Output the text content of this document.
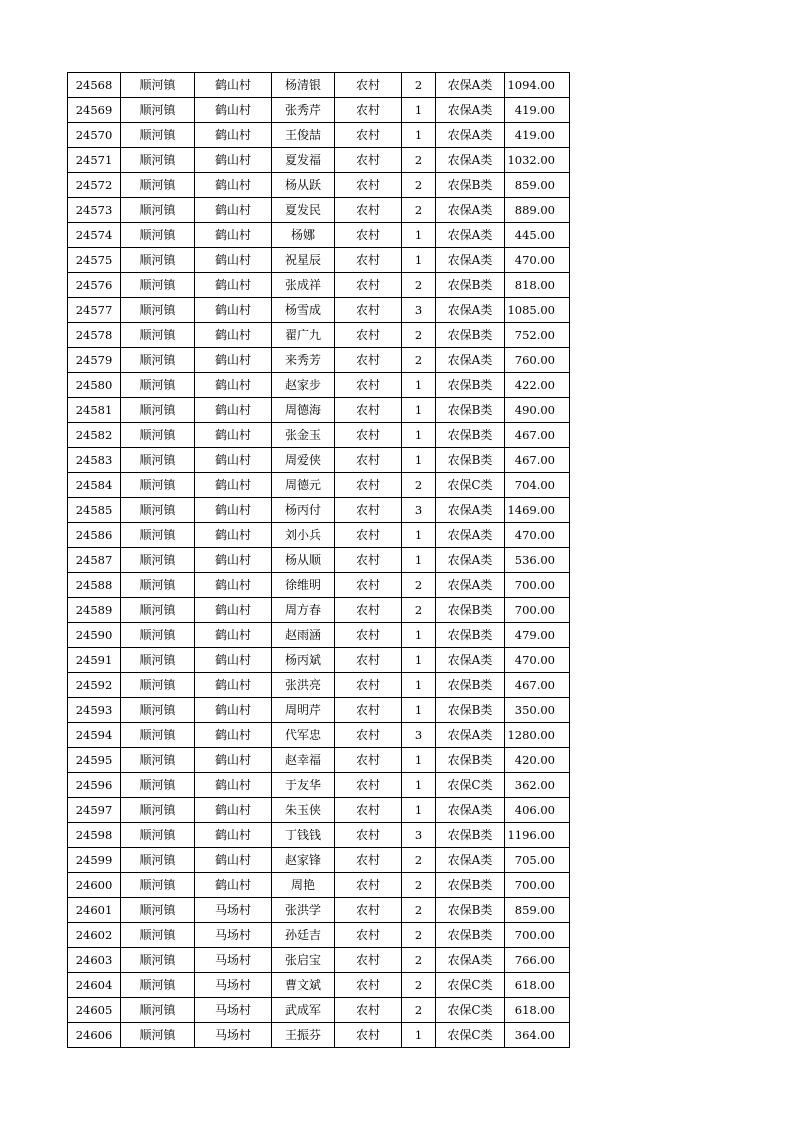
24568	顺河镇	鹤山村	杨清银	农村	2	农保A类	1094.00
24569	顺河镇	鹤山村	张秀芹	农村	1	农保A类	419.00
24570	顺河镇	鹤山村	王俊喆	农村	1	农保A类	419.00
24571	顺河镇	鹤山村	夏发福	农村	2	农保A类	1032.00
24572	顺河镇	鹤山村	杨从跃	农村	2	农保B类	859.00
24573	顺河镇	鹤山村	夏发民	农村	2	农保A类	889.00
24574	顺河镇	鹤山村	杨娜	农村	1	农保A类	445.00
24575	顺河镇	鹤山村	祝星辰	农村	1	农保A类	470.00
24576	顺河镇	鹤山村	张成祥	农村	2	农保B类	818.00
24577	顺河镇	鹤山村	杨雪成	农村	3	农保A类	1085.00
24578	顺河镇	鹤山村	翟广九	农村	2	农保B类	752.00
24579	顺河镇	鹤山村	来秀芳	农村	2	农保A类	760.00
24580	顺河镇	鹤山村	赵家步	农村	1	农保B类	422.00
24581	顺河镇	鹤山村	周德海	农村	1	农保B类	490.00
24582	顺河镇	鹤山村	张金玉	农村	1	农保B类	467.00
24583	顺河镇	鹤山村	周爱侠	农村	1	农保B类	467.00
24584	顺河镇	鹤山村	周德元	农村	2	农保C类	704.00
24585	顺河镇	鹤山村	杨丙付	农村	3	农保A类	1469.00
24586	顺河镇	鹤山村	刘小兵	农村	1	农保A类	470.00
24587	顺河镇	鹤山村	杨从顺	农村	1	农保A类	536.00
24588	顺河镇	鹤山村	徐维明	农村	2	农保A类	700.00
24589	顺河镇	鹤山村	周方春	农村	2	农保B类	700.00
24590	顺河镇	鹤山村	赵雨涵	农村	1	农保B类	479.00
24591	顺河镇	鹤山村	杨丙斌	农村	1	农保A类	470.00
24592	顺河镇	鹤山村	张洪亮	农村	1	农保B类	467.00
24593	顺河镇	鹤山村	周明芹	农村	1	农保B类	350.00
24594	顺河镇	鹤山村	代军忠	农村	3	农保A类	1280.00
24595	顺河镇	鹤山村	赵幸福	农村	1	农保B类	420.00
24596	顺河镇	鹤山村	于友华	农村	1	农保C类	362.00
24597	顺河镇	鹤山村	朱玉侠	农村	1	农保A类	406.00
24598	顺河镇	鹤山村	丁钱钱	农村	3	农保B类	1196.00
24599	顺河镇	鹤山村	赵家锋	农村	2	农保A类	705.00
24600	顺河镇	鹤山村	周艳	农村	2	农保B类	700.00
24601	顺河镇	马场村	张洪学	农村	2	农保B类	859.00
24602	顺河镇	马场村	孙廷吉	农村	2	农保B类	700.00
24603	顺河镇	马场村	张启宝	农村	2	农保A类	766.00
24604	顺河镇	马场村	曹文斌	农村	2	农保C类	618.00
24605	顺河镇	马场村	武成军	农村	2	农保C类	618.00
24606	顺河镇	马场村	王振芬	农村	1	农保C类	364.00
